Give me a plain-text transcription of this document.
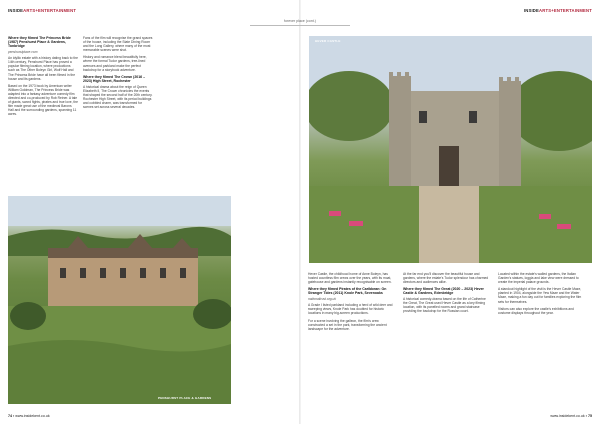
INSIDEARTS+ENTERTAINMENT
Where they filmed The Princess Bride (1987) Penshurst Place & Gardens, Tonbridge

penshurstplace.com

An idyllic estate with a history dating back to the 14th century, Penshurst Place has proved a popular filming location, where productions such as The Other Boleyn Girl, Wolf Hall and The Princess Bride have all been filmed in the house and its gardens.

Based on the 1973 book by American writer William Goldman, The Princess Bride was adapted into a fantasy adventure comedy film directed and co-produced by Rob Reiner. A tale of giants, sword fights, pirates and true love, the film made great use of the medieval Barons Hall and the surrounding gardens, spanning 11 acres.

Fans of the film will recognise the grand spaces of the house, including the State Dining Room and the Long Gallery, where many of the most memorable scenes were shot.

History and romance blend beautifully here, where the formal Tudor gardens, tree-lined avenues and parkland make the perfect backdrop for a storybook adventure.

Where they filmed The Crown (2016 – 2023) High Street, Rochester

A historical drama about the reign of Queen Elizabeth II, The Crown chronicles the events that shaped the second half of the 20th century. Rochester High Street, with its period buildings and cobbled charm, was transformed for scenes set across several decades.

PENSHURST PLACE & GARDENS
74 ▪ www.insidekent.co.uk
forever place (cont.)
INSIDEARTS+ENTERTAINMENT

Hever Castle, the childhood home of Anne Boleyn, has hosted countless film crews over the years, with its moat, gatehouse and gardens instantly recognisable on screen.

Where they filmed Pirates of the Caribbean: On Stranger Tides (2011) Knole Park, Sevenoaks

nationaltrust.org.uk

A Grade I listed parkland including a herd of wild deer and sweeping views, Knole Park has doubled for historic locations in many big-screen productions.

For a scene involving the galleon, the film's crew constructed a set in the park, transforming the ancient landscape for the adventure.

At the far end you'll discover the beautiful house and gardens, where the estate's Tudor splendour has charmed directors and audiences alike.

Where they filmed The Great (2020 – 2023) Hever Castle & Gardens, Edenbridge

A historical comedy-drama based on the life of Catherine the Great, The Great used Hever Castle as a key filming location, with its panelled rooms and grand staircase providing the backdrop for the Russian court.

Located within the estate's walled gardens, the Italian Garden's statues, loggia and lake view were dressed to create the imperial palace grounds.

A standout highlight of the visit is the Hever Castle Maze, planted in 1904, alongside the Yew Maze and the Water Maze, making a fun day out for families exploring the film sets for themselves.

Visitors can also explore the castle's exhibitions and costume displays throughout the year.

www.insidekent.co.uk ▪ 75
HEVER CASTLE
